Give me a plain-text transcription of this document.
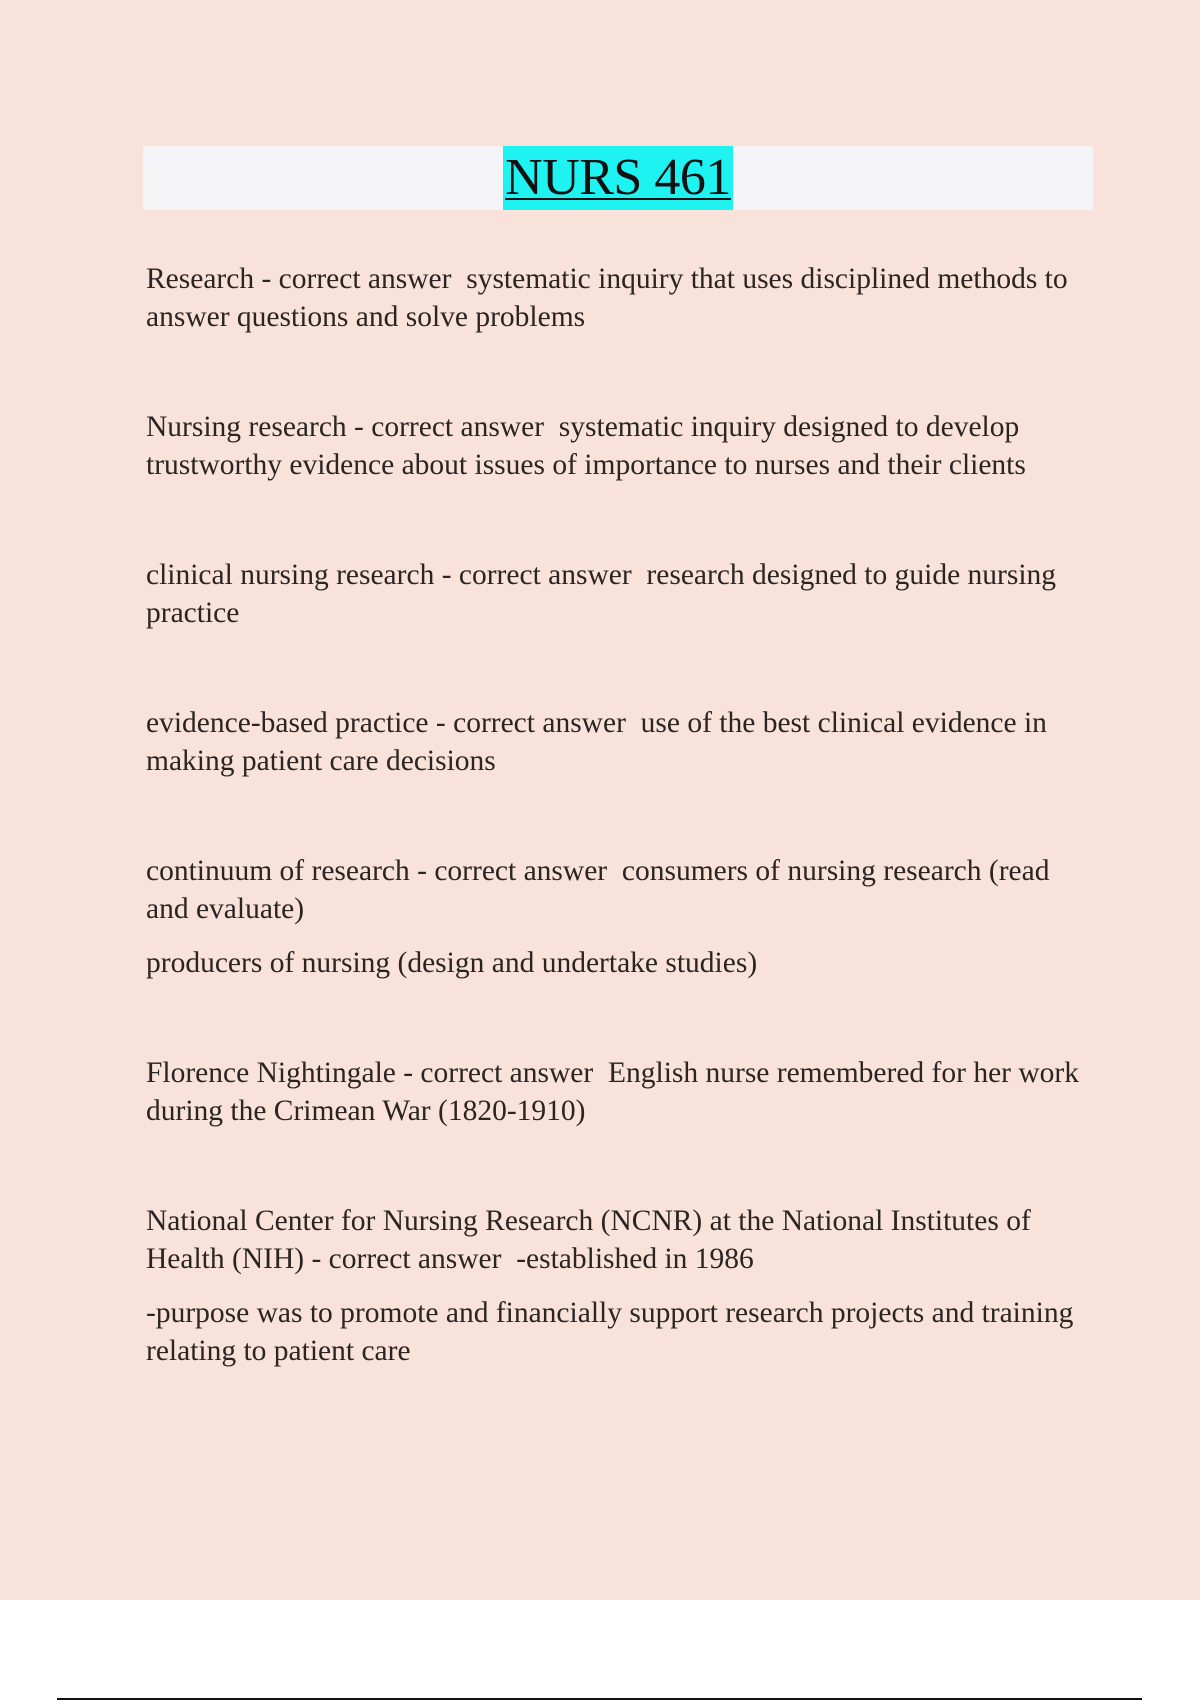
NURS 461

Research - correct answer  systematic inquiry that uses disciplined methods to answer questions and solve problems

Nursing research - correct answer  systematic inquiry designed to develop trustworthy evidence about issues of importance to nurses and their clients

clinical nursing research - correct answer  research designed to guide nursing practice

evidence-based practice - correct answer  use of the best clinical evidence in making patient care decisions

continuum of research - correct answer  consumers of nursing research (read and evaluate)

producers of nursing (design and undertake studies)

Florence Nightingale - correct answer  English nurse remembered for her work during the Crimean War (1820-1910)

National Center for Nursing Research (NCNR) at the National Institutes of Health (NIH) - correct answer  -established in 1986

-purpose was to promote and financially support research projects and training relating to patient care
